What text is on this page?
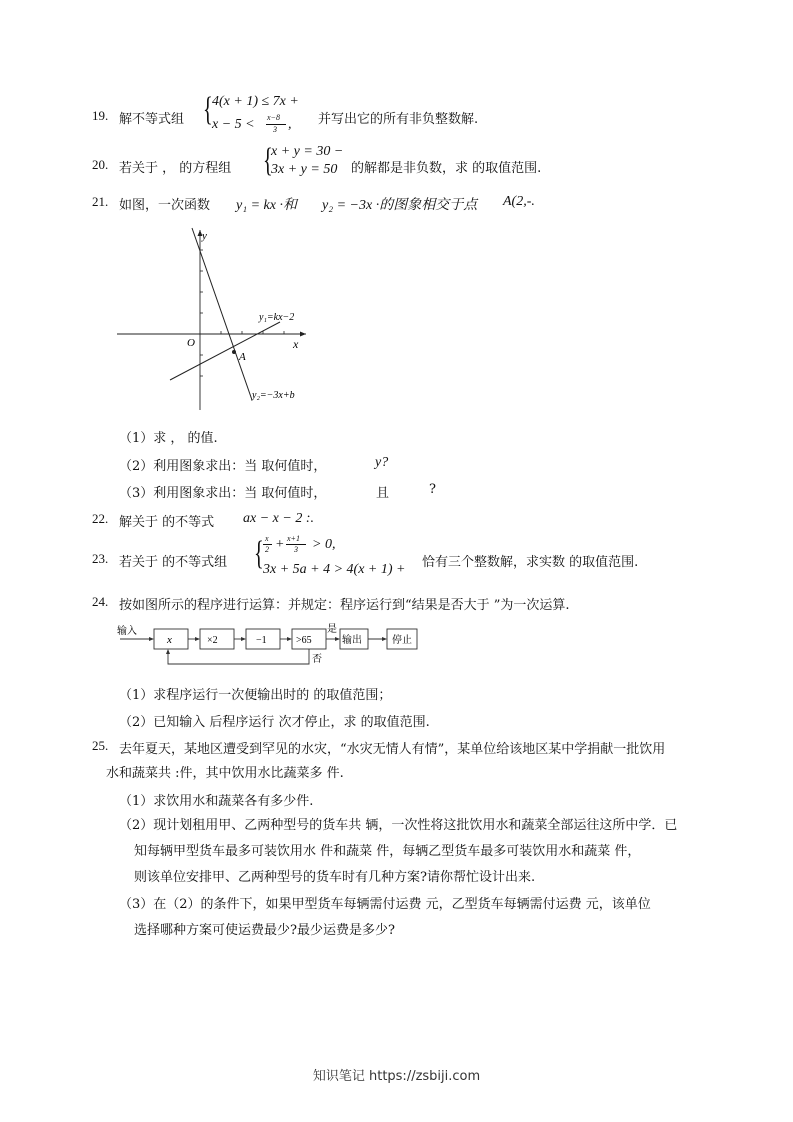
19. 解不等式组 { 4(x + 1) ≤ 7x +
x − 5 < x−8
3 , 并写出它的所有非负整数解.
20. 若关于 ， 的方程组 {
x + y = 30 −
3x + y = 50 的解都是非负数，求 的取值范围.
21. 如图，一次函数 y₁ = kx ·和 y₂ = −3x ·的图象相交于点 A(2,-.
y
x
O
A
y₁=kx−2
y₂=−3x+b
（1）求 ， 的值.
（2）利用图象求出：当 取何值时，	y?
（3）利用图象求出：当 取何值时，	且	?
22. 解关于 的不等式 ax − x − 2 :.
23. 若关于 的不等式组 { x
2 + x+1
3 > 0,
3x + 5a + 4 > 4(x + 1) + 恰有三个整数解，求实数 的取值范围.
24. 按如图所示的程序进行运算：并规定：程序运行到“结果是否大于 ”为一次运算.
输入
x	×2	−1	>65
是
输出	停止
否
（1）求程序运行一次便输出时的 的取值范围；
（2）已知输入 后程序运行 次才停止，求 的取值范围.
25. 去年夏天，某地区遭受到罕见的水灾，“水灾无情人有情”，某单位给该地区某中学捐献一批饮用
水和蔬菜共 :件，其中饮用水比蔬菜多 件.
（1）求饮用水和蔬菜各有多少件.
（2）现计划租用甲、乙两种型号的货车共 辆，一次性将这批饮用水和蔬菜全部运往这所中学．已
知每辆甲型货车最多可装饮用水 件和蔬菜 件，每辆乙型货车最多可装饮用水和蔬菜 件，
则该单位安排甲、乙两种型号的货车时有几种方案?请你帮忙设计出来.
（3）在（2）的条件下，如果甲型货车每辆需付运费 元，乙型货车每辆需付运费 元，该单位
选择哪种方案可使运费最少?最少运费是多少?
知识笔记 https://zsbiji.com
